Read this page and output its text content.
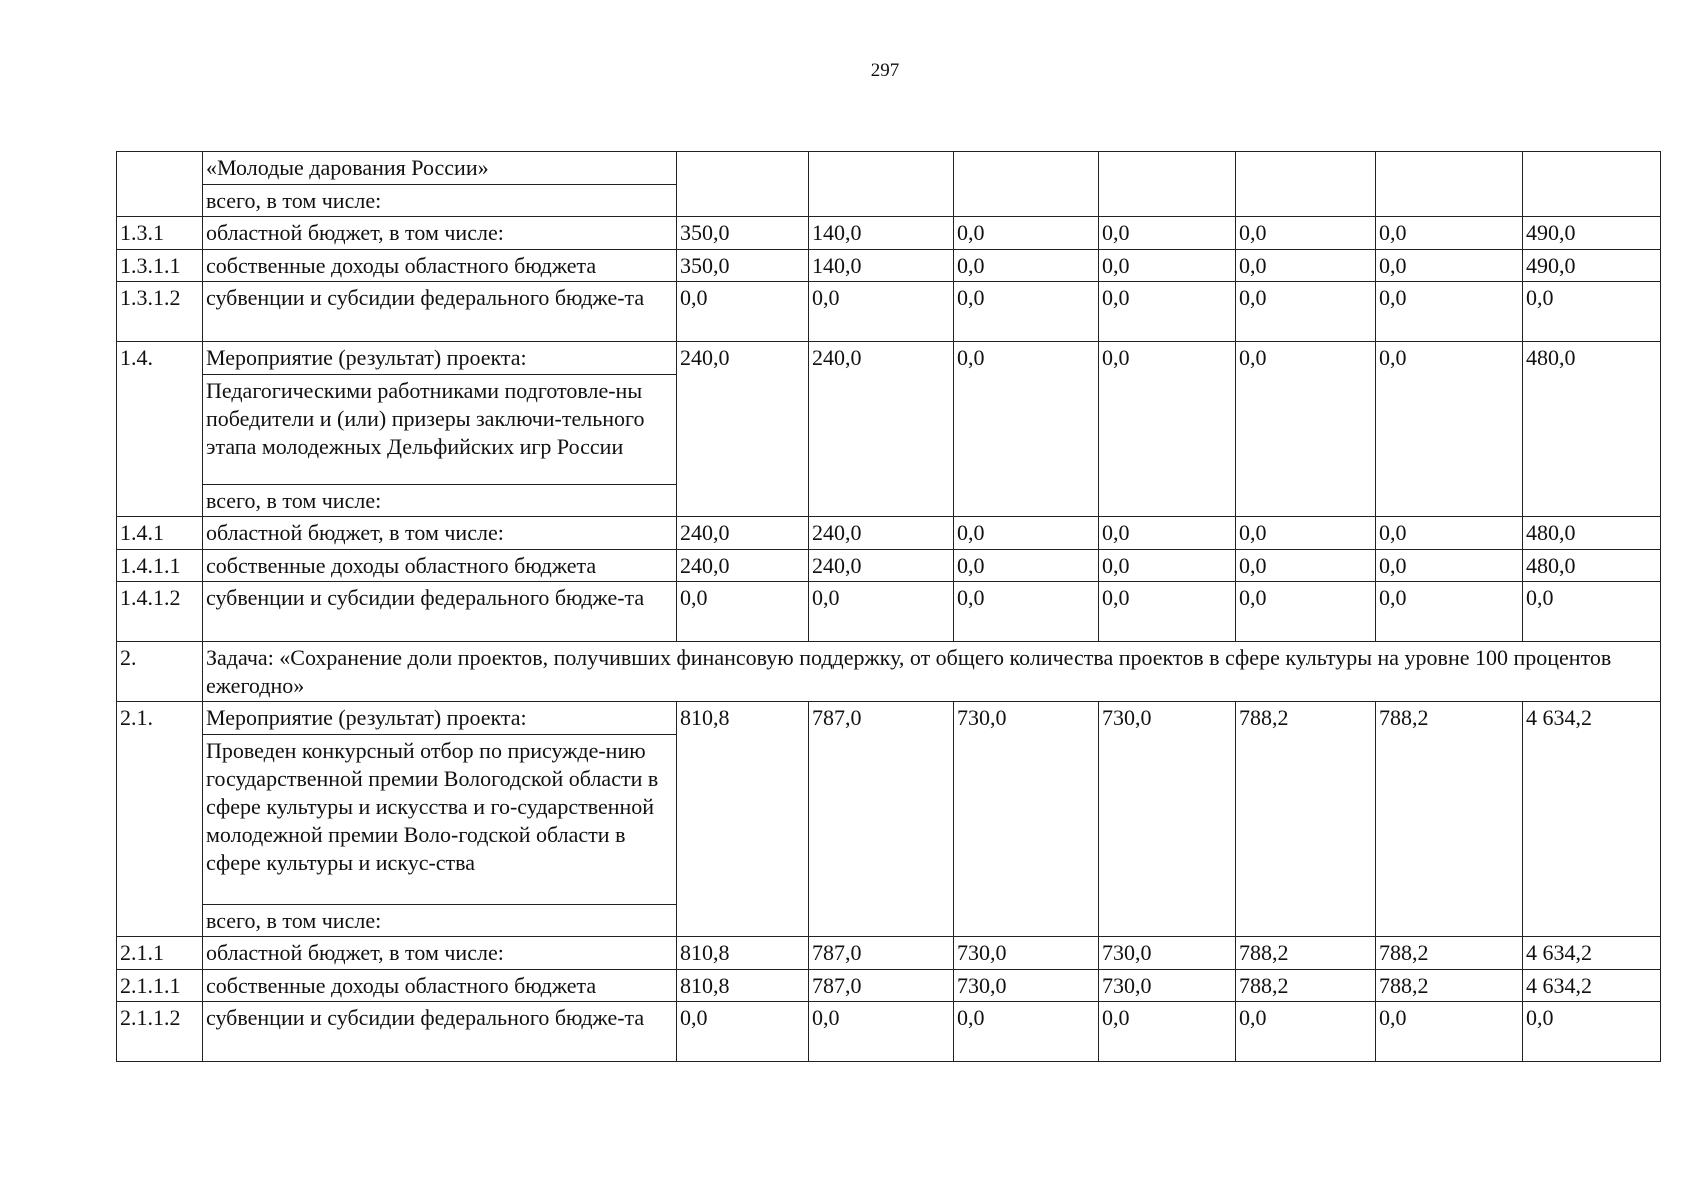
297
	«Молодые дарования России»								
	всего, в том числе:								
1.3.1	областной бюджет, в том числе:	350,0	140,0	0,0	0,0	0,0	0,0	490,0	
1.3.1.1	собственные доходы областного бюджета	350,0	140,0	0,0	0,0	0,0	0,0	490,0	
1.3.1.2	субвенции и субсидии федерального бюдже-та	0,0	0,0	0,0	0,0	0,0	0,0	0,0	
1.4.	Мероприятие (результат) проекта:	240,0	240,0	0,0	0,0	0,0	0,0	480,0	
	Педагогическими работниками подготовле-ны победители и (или) призеры заключи-тельного этапа молодежных Дельфийских игр России								
	всего, в том числе:								
1.4.1	областной бюджет, в том числе:	240,0	240,0	0,0	0,0	0,0	0,0	480,0	
1.4.1.1	собственные доходы областного бюджета	240,0	240,0	0,0	0,0	0,0	0,0	480,0	
1.4.1.2	субвенции и субсидии федерального бюдже-та	0,0	0,0	0,0	0,0	0,0	0,0	0,0	
2.	Задача: «Сохранение доли проектов, получивших финансовую поддержку, от общего количества проектов в сфере культуры на уровне 100 процентов ежегодно»								
2.1.	Мероприятие (результат) проекта:	810,8	787,0	730,0	730,0	788,2	788,2	4 634,2	
	Проведен конкурсный отбор по присужде-нию государственной премии Вологодской области в сфере культуры и искусства и го-сударственной молодежной премии Воло-годской области в сфере культуры и искус-ства								
	всего, в том числе:								
2.1.1	областной бюджет, в том числе:	810,8	787,0	730,0	730,0	788,2	788,2	4 634,2	
2.1.1.1	собственные доходы областного бюджета	810,8	787,0	730,0	730,0	788,2	788,2	4 634,2	
2.1.1.2	субвенции и субсидии федерального бюдже-та	0,0	0,0	0,0	0,0	0,0	0,0	0,0	
